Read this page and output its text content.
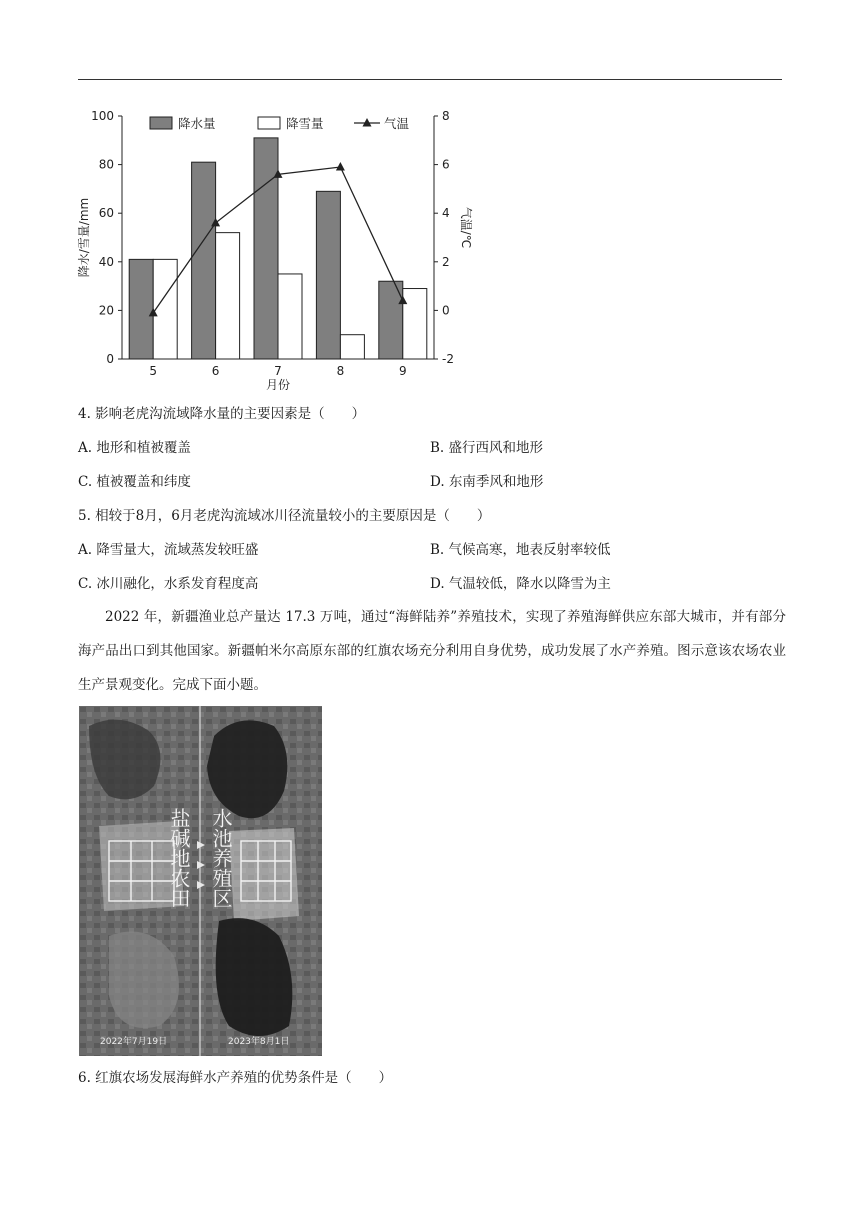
0
20
40
60
80
100
-2
0
2
4
6
8
5	6	7	8	9
月份
降水/雪量/mm	气温/℃
降水量	降雪量	气温
4. 影响老虎沟流域降水量的主要因素是（　　）
A. 地形和植被覆盖	B. 盛行西风和地形
C. 植被覆盖和纬度	D. 东南季风和地形
5. 相较于8月，6月老虎沟流域冰川径流量较小的主要原因是（　　）
A. 降雪量大，流域蒸发较旺盛	B. 气候高寒，地表反射率较低
C. 冰川融化，水系发育程度高	D. 气温较低，降水以降雪为主
2022 年，新疆渔业总产量达 17.3 万吨，通过“海鲜陆养”养殖技术，实现了养殖海鲜供应东部大城市，并有部分海产品出口到其他国家。新疆帕米尔高原东部的红旗农场充分利用自身优势，成功发展了水产养殖。图示意该农场农业生产景观变化。完成下面小题。
盐碱地农田 水池养殖区
2022年7月19日	2023年8月1日
6. 红旗农场发展海鲜水产养殖的优势条件是（　　）
